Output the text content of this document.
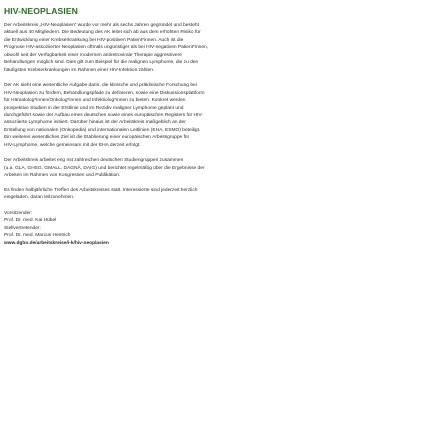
HIV-NEOPLASIEN
Der Arbeitskreis „HIV-Neoplasien“ wurde vor mehr als sechs Jahren gegründet und besteht
aktuell aus 40 Mitgliedern. Die Bedeutung des AK leitet sich ab aus dem erhöhten Risiko für
die Entwicklung einer Krebserkrankung bei HIV-positiven Patient*innen. Auch ist die
Prognose HIV-assoziierter Neoplasien oftmals ungünstiger als bei HIV-negativen Patient*innen,
obwohl seit der Verfügbarkeit einer modernen antiretrovirale Therapie aggressivere
Behandlungen möglich sind. Dies gilt zum Beispiel für die malignen Lymphome, die zu den
häufigsten Krebserkrankungen im Rahmen einer HIV-Infektion zählen.
Der AK sieht eine wesentliche Aufgabe darin, die klinische und präklinische Forschung bei
HIV-Neoplasien zu fördern, Behandlungspfade zu definieren, sowie eine Diskussionsplattform
für Hämatolog*innen/Onkolog*innen und Infektiolog*innen zu bieten. Konkret werden
prospektive Studien in der Erstlinie und im Rezidiv maligner Lymphome geplant und
durchgeführt sowie der Aufbau eines deutschen sowie eines europäischen Registers für HIV-
assoziierte Lymphome initiiert. Darüber hinaus ist der Arbeitskreis maßgeblich an der
Erstellung von nationalen (Onkopedia) und internationalen Leitlinien (EHA, ESMO) beteiligt.
Ein weiteres wesentliches Ziel ist die Etablierung einer europäischen Arbeitsgruppe für
HIV-Lymphome, welche gemeinsam mit der EHA derzeit erfolgt.
Der Arbeitskreis arbeitet eng mit zahlreichen deutschen Studiengruppen zusammen
(u.a. GLA, GHSG, GMALL, DAGNÄ, DAIG) und berichtet regelmäßig über die Ergebnisse der
Arbeiten im Rahmen von Kongressen und Publikation.
Es finden halbjährliche Treffen des Arbeitskreises statt. Interessierte sind jederzeit herzlich
eingeladen, daran teilzunehmen.
Vorsitzender:
Prof. Dr. med. Kai Hübel
Stellvertretender:
Prof. Dr. med. Marcus Hentrich
www.dgho.de/arbeitskreise/i-k/hiv-neoplasien
